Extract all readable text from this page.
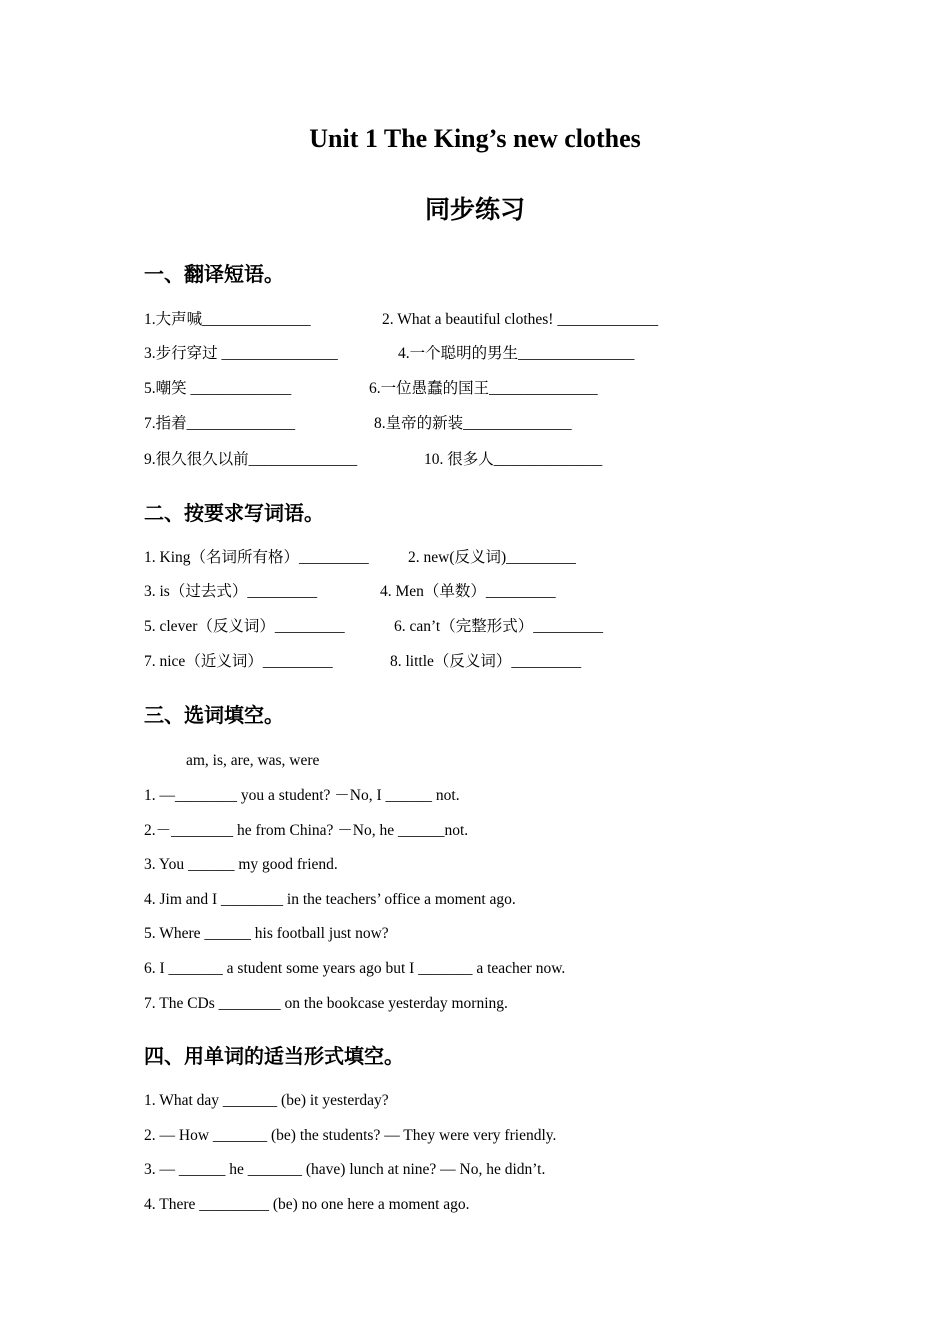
Unit 1 The King’s new clothes
同步练习
一、翻译短语。
1.大声喊______________	2. What a beautiful clothes! _____________
3.步行穿过 _______________	4.一个聪明的男生_______________
5.嘲笑 _____________	6.一位愚蠢的国王______________
7.指着______________	8.皇帝的新装______________
9.很久很久以前______________	10. 很多人______________
二、按要求写词语。
1. King（名词所有格）_________	2. new(反义词)_________
3. is（过去式）_________	4. Men（单数）_________
5. clever（反义词）_________	6. can’t（完整形式）_________
7. nice（近义词）_________	8. little（反义词）_________
三、选词填空。
am, is, are, was, were
1. —________ you a student? －No, I ______ not.
2.－________ he from China? －No, he ______not.
3. You ______ my good friend.
4. Jim and I ________ in the teachers’ office a moment ago.
5. Where ______ his football just now?
6. I _______ a student some years ago but I _______ a teacher now.
7. The CDs ________ on the bookcase yesterday morning.
四、用单词的适当形式填空。
1. What day _______ (be) it yesterday?
2. — How _______ (be) the students? — They were very friendly.
3. — ______ he _______ (have) lunch at nine? — No, he didn’t.
4. There _________ (be) no one here a moment ago.
